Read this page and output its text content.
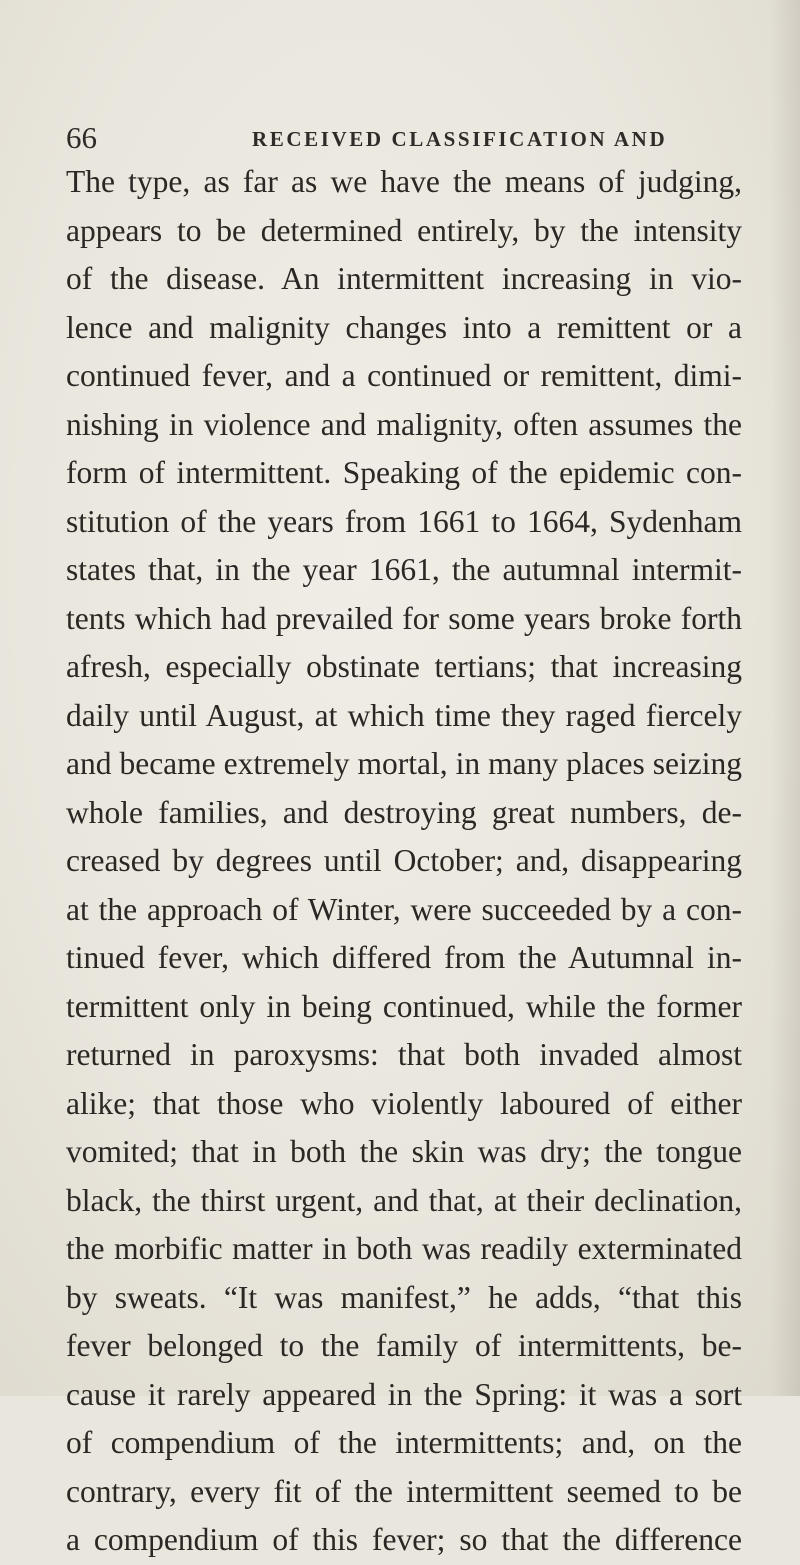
66	RECEIVED CLASSIFICATION AND
The type, as far as we have the means of judging,
appears to be determined entirely, by the intensity
of the disease. An intermittent increasing in vio-
lence and malignity changes into a remittent or a
continued fever, and a continued or remittent, dimi-
nishing in violence and malignity, often assumes the
form of intermittent. Speaking of the epidemic con-
stitution of the years from 1661 to 1664, Sydenham
states that, in the year 1661, the autumnal intermit-
tents which had prevailed for some years broke forth
afresh, especially obstinate tertians; that increasing
daily until August, at which time they raged fiercely
and became extremely mortal, in many places seizing
whole families, and destroying great numbers, de-
creased by degrees until October; and, disappearing
at the approach of Winter, were succeeded by a con-
tinued fever, which differed from the Autumnal in-
termittent only in being continued, while the former
returned in paroxysms: that both invaded almost
alike; that those who violently laboured of either
vomited; that in both the skin was dry; the tongue
black, the thirst urgent, and that, at their declination,
the morbific matter in both was readily exterminated
by sweats. “It was manifest,” he adds, “that this
fever belonged to the family of intermittents, be-
cause it rarely appeared in the Spring: it was a sort
of compendium of the intermittents; and, on the
contrary, every fit of the intermittent seemed to be
a compendium of this fever; so that the difference
